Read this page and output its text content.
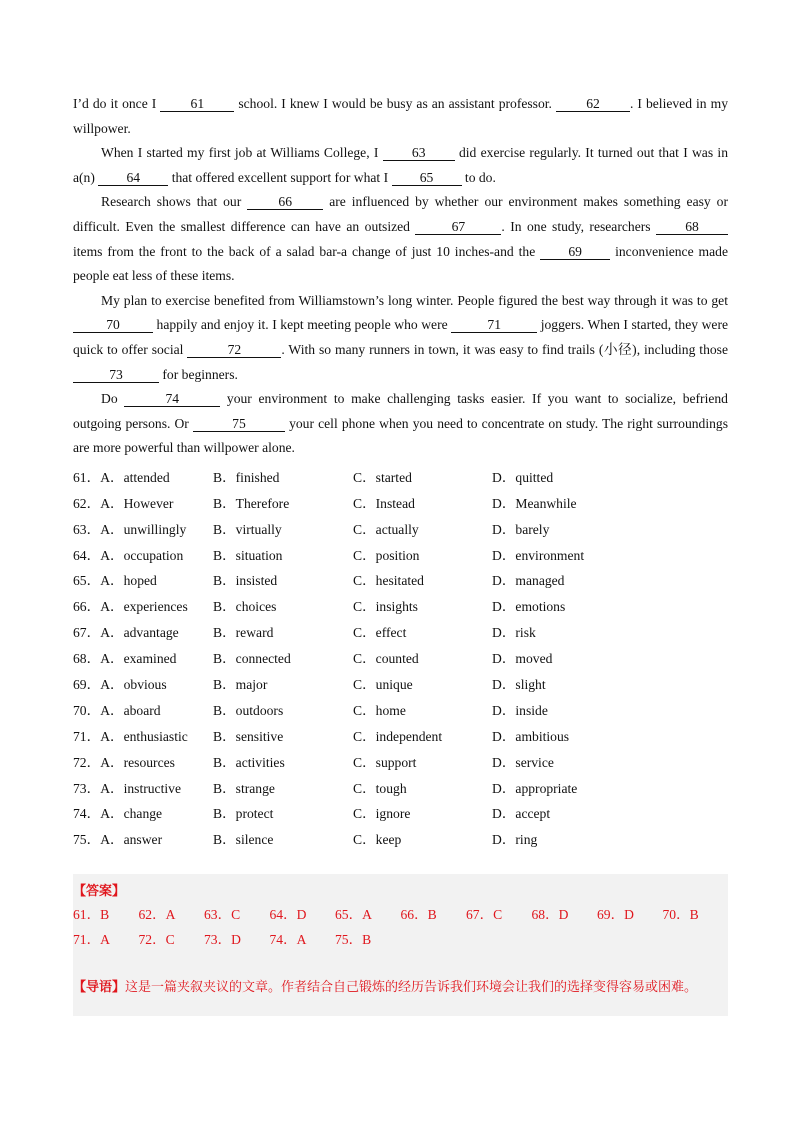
I’d do it once I 61 school. I knew I would be busy as an assistant professor. 62 . I believed in my willpower.

When I started my first job at Williams College, I 63 did exercise regularly. It turned out that I was in a(n) 64 that offered excellent support for what I 65 to do.

Research shows that our 66 are influenced by whether our environment makes something easy or difficult. Even the smallest difference can have an outsized	67	. In one study, researchers 68 items from the front to the back of a salad bar-a change of just 10 inches-and the 69 inconvenience made people eat less of these items.

My plan to exercise benefited from Williamstown’s long winter. People figured the best way through it was to get 70 happily and enjoy it. I kept meeting people who were	71	joggers. When I started, they were quick to offer social	72	. With so many runners in town, it was easy to find trails (小径), including those 73	for beginners.

Do	74	your environment to make challenging tasks easier. If you want to socialize, befriend outgoing persons. Or	75	your cell phone when you need to concentrate on study. The right surroundings are more powerful than willpower alone.

61．A．attended	B．finished	C．started	D．quitted
62．A．However	B．Therefore	C．Instead	D．Meanwhile
63．A．unwillingly	B．virtually	C．actually	D．barely
64．A．occupation	B．situation	C．position	D．environment
65．A．hoped	B．insisted	C．hesitated	D．managed
66．A．experiences	B．choices	C．insights	D．emotions
67．A．advantage	B．reward	C．effect	D．risk
68．A．examined	B．connected	C．counted	D．moved
69．A．obvious	B．major	C．unique	D．slight
70．A．aboard	B．outdoors	C．home	D．inside
71．A．enthusiastic	B．sensitive	C．independent	D．ambitious
72．A．resources	B．activities	C．support	D．service
73．A．instructive	B．strange	C．tough	D．appropriate
74．A．change	B．protect	C．ignore	D．accept
75．A．answer	B．silence	C．keep	D．ring
【答案】
61．B	62．A	63．C	64．D	65．A	66．B	67．C	68．D	69．D	70．B
71．A	72．C	73．D	74．A	75．B
【导语】这是一篇夹叙夹议的文章。作者结合自己锻炼的经历告诉我们环境会让我们的选择变得容易或困难。
